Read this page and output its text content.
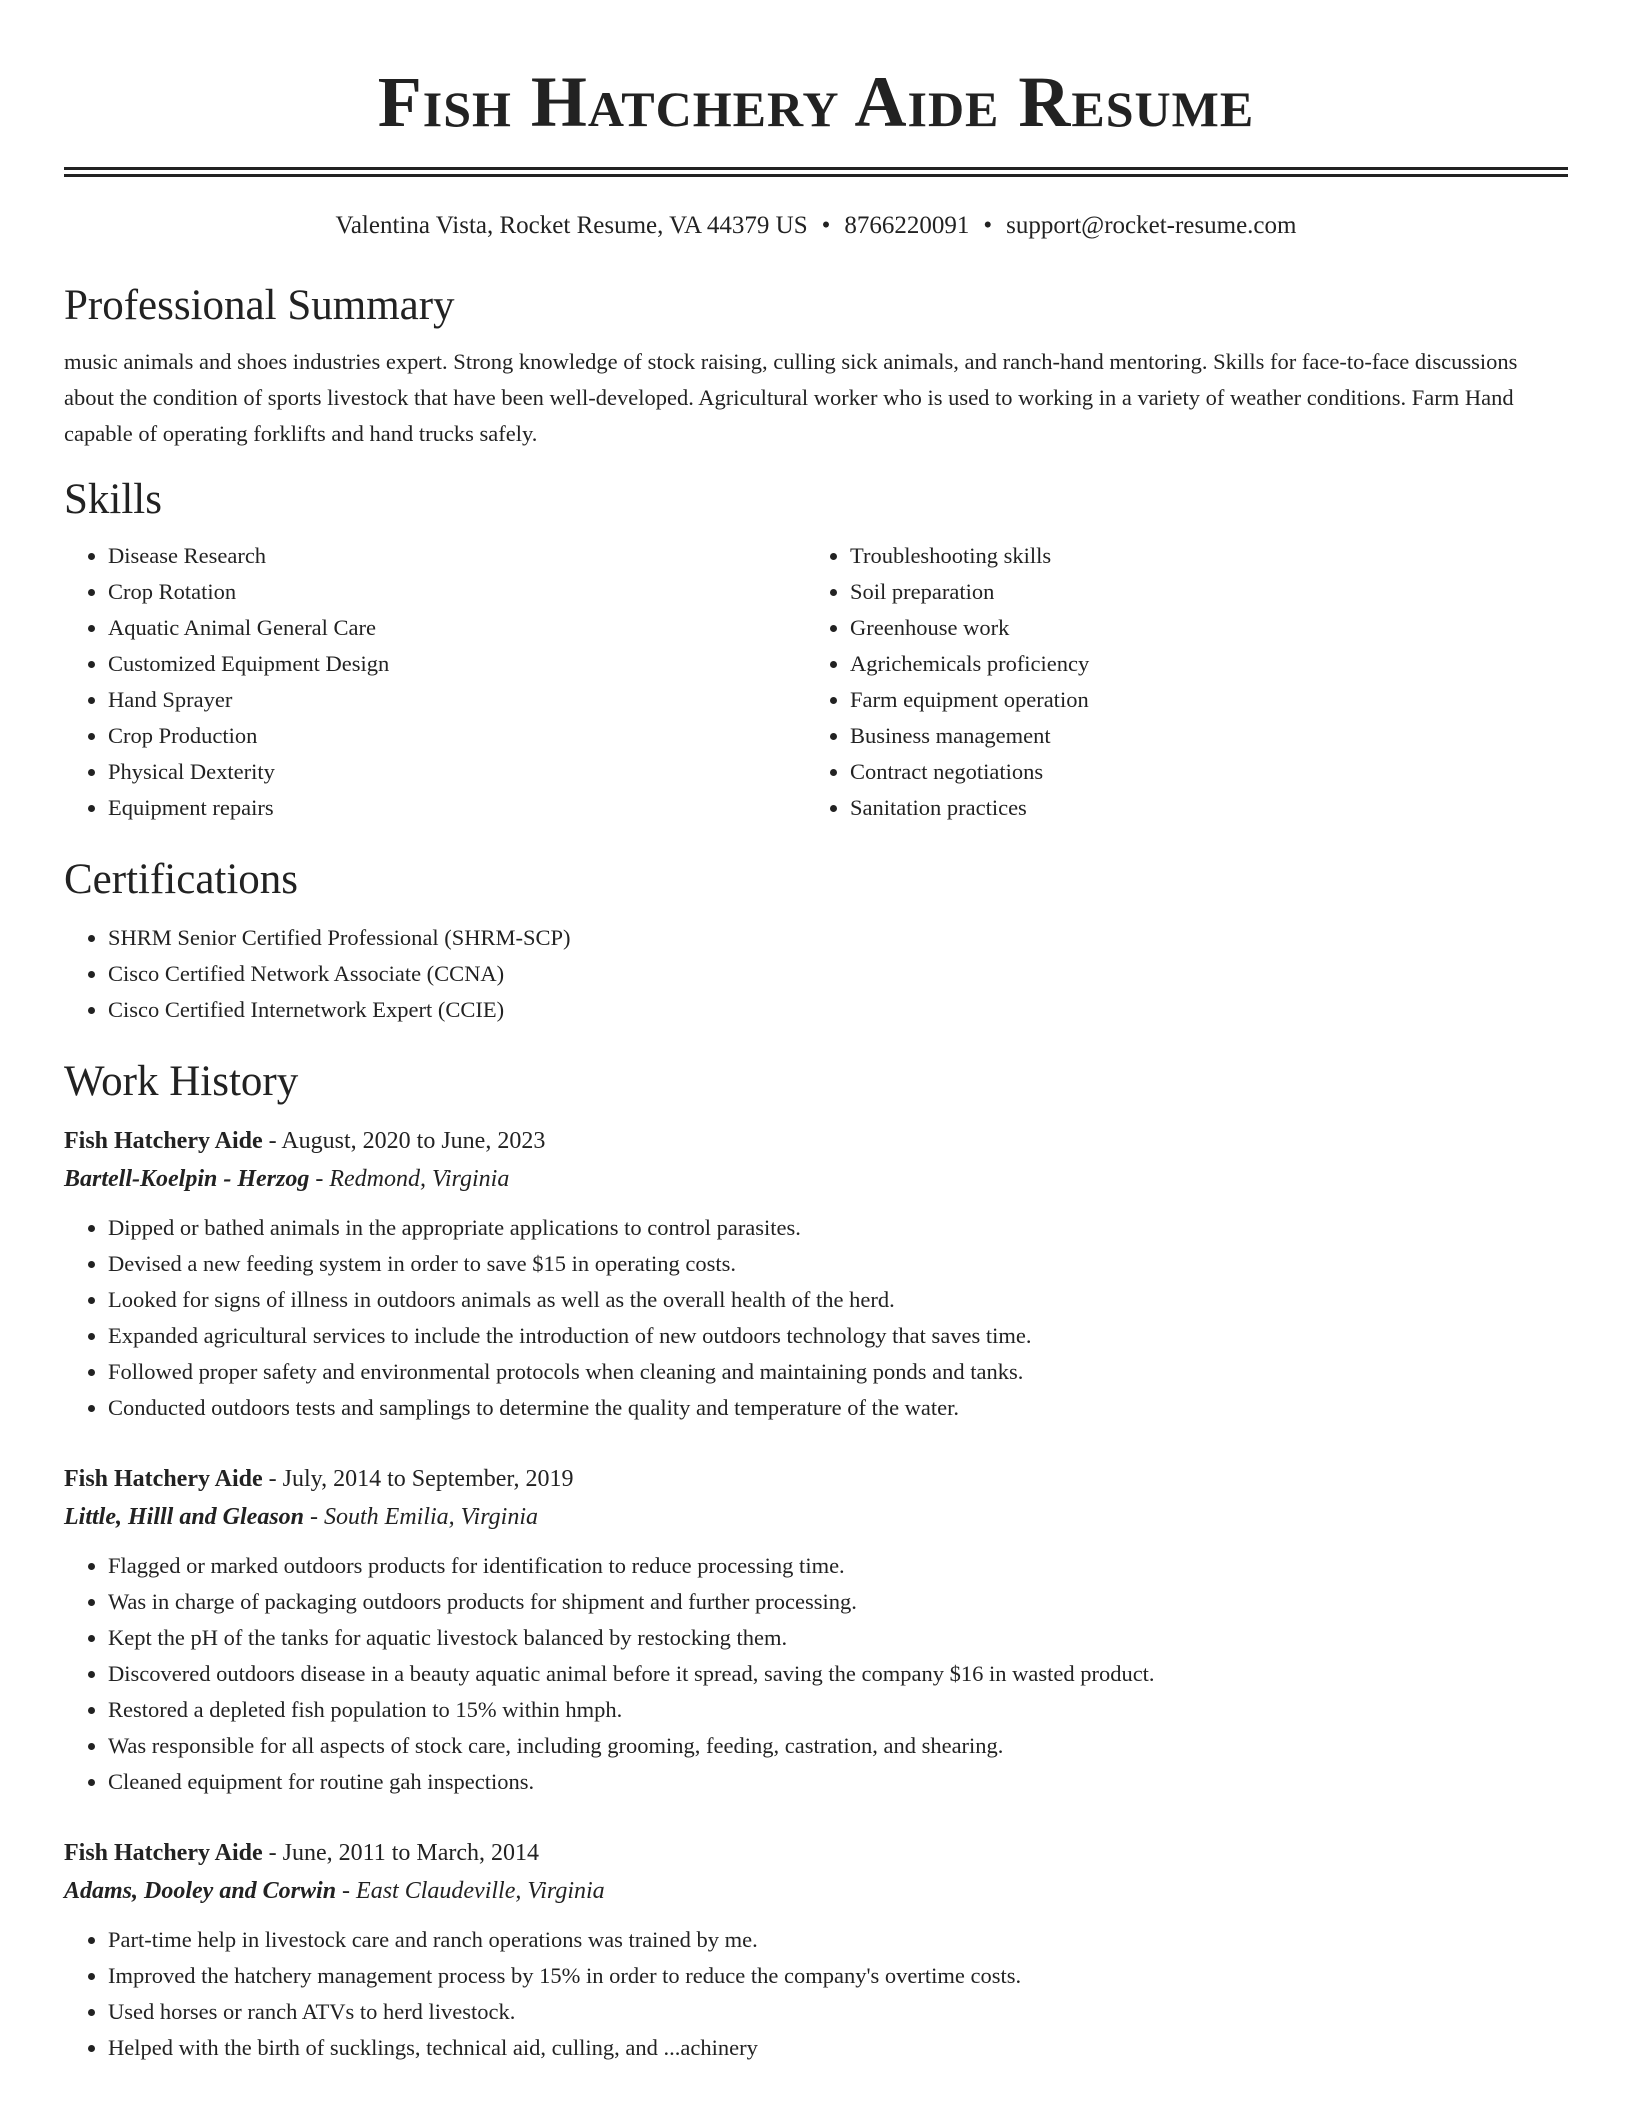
Fish Hatchery Aide Resume
Valentina Vista, Rocket Resume, VA 44379 US • 8766220091 • support@rocket-resume.com
Professional Summary

music animals and shoes industries expert. Strong knowledge of stock raising, culling sick animals, and ranch-hand mentoring. Skills for face-to-face discussions about the condition of sports livestock that have been well-developed. Agricultural worker who is used to working in a variety of weather conditions. Farm Hand capable of operating forklifts and hand trucks safely.

Skills
• Disease Research
• Crop Rotation
• Aquatic Animal General Care
• Customized Equipment Design
• Hand Sprayer
• Crop Production
• Physical Dexterity
• Equipment repairs
• Troubleshooting skills
• Soil preparation
• Greenhouse work
• Agrichemicals proficiency
• Farm equipment operation
• Business management
• Contract negotiations
• Sanitation practices
Certifications
• SHRM Senior Certified Professional (SHRM-SCP)
• Cisco Certified Network Associate (CCNA)
• Cisco Certified Internetwork Expert (CCIE)
Work History
Fish Hatchery Aide - August, 2020 to June, 2023
Bartell-Koelpin - Herzog - Redmond, Virginia
• Dipped or bathed animals in the appropriate applications to control parasites.
• Devised a new feeding system in order to save $15 in operating costs.
• Looked for signs of illness in outdoors animals as well as the overall health of the herd.
• Expanded agricultural services to include the introduction of new outdoors technology that saves time.
• Followed proper safety and environmental protocols when cleaning and maintaining ponds and tanks.
• Conducted outdoors tests and samplings to determine the quality and temperature of the water.
Fish Hatchery Aide - July, 2014 to September, 2019
Little, Hilll and Gleason - South Emilia, Virginia
• Flagged or marked outdoors products for identification to reduce processing time.
• Was in charge of packaging outdoors products for shipment and further processing.
• Kept the pH of the tanks for aquatic livestock balanced by restocking them.
• Discovered outdoors disease in a beauty aquatic animal before it spread, saving the company $16 in wasted product.
• Restored a depleted fish population to 15% within hmph.
• Was responsible for all aspects of stock care, including grooming, feeding, castration, and shearing.
• Cleaned equipment for routine gah inspections.
Fish Hatchery Aide - June, 2011 to March, 2014
Adams, Dooley and Corwin - East Claudeville, Virginia
• Part-time help in livestock care and ranch operations was trained by me.
• Improved the hatchery management process by 15% in order to reduce the company's overtime costs.
• Used horses or ranch ATVs to herd livestock.
• Helped with the birth of sucklings, technical aid, culling, and ...achinery
